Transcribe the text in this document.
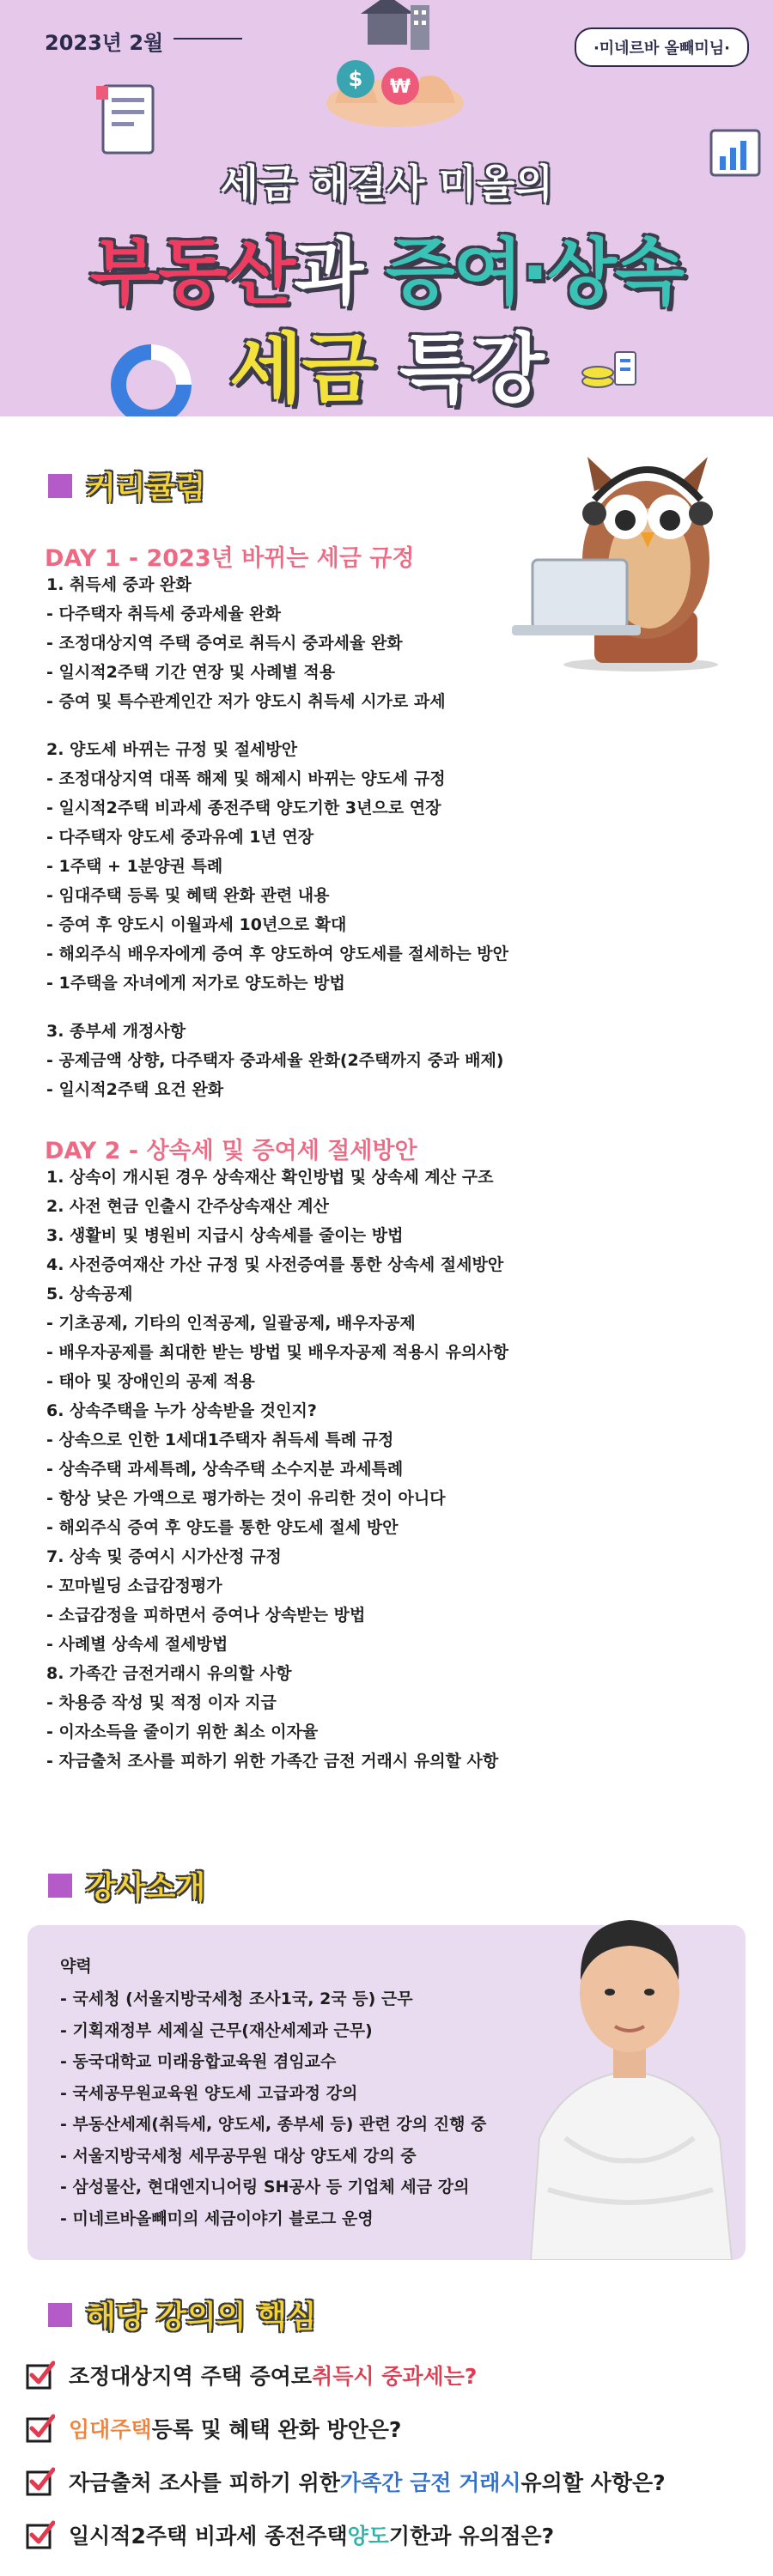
$ ₩
2023년 2월	·미네르바 올빼미님·
세금 해결사 미올의
부동산과 증여·상속
세금 특강
커리큘럼
DAY 1 - 2023년 바뀌는 세금 규정
1. 취득세 중과 완화
- 다주택자 취득세 중과세율 완화
- 조정대상지역 주택 증여로 취득시 중과세율 완화
- 일시적2주택 기간 연장 및 사례별 적용
- 증여 및 특수관계인간 저가 양도시 취득세 시가로 과세
2. 양도세 바뀌는 규정 및 절세방안
- 조정대상지역 대폭 해제 및 해제시 바뀌는 양도세 규정
- 일시적2주택 비과세 종전주택 양도기한 3년으로 연장
- 다주택자 양도세 중과유예 1년 연장
- 1주택 + 1분양권 특례
- 임대주택 등록 및 혜택 완화 관련 내용
- 증여 후 양도시 이월과세 10년으로 확대
- 해외주식 배우자에게 증여 후 양도하여 양도세를 절세하는 방안
- 1주택을 자녀에게 저가로 양도하는 방법
3. 종부세 개정사항
- 공제금액 상향, 다주택자 중과세율 완화(2주택까지 중과 배제)
- 일시적2주택 요건 완화
DAY 2 - 상속세 및 증여세 절세방안
1. 상속이 개시된 경우 상속재산 확인방법 및 상속세 계산 구조
2. 사전 현금 인출시 간주상속재산 계산
3. 생활비 및 병원비 지급시 상속세를 줄이는 방법
4. 사전증여재산 가산 규정 및 사전증여를 통한 상속세 절세방안
5. 상속공제
- 기초공제, 기타의 인적공제, 일괄공제, 배우자공제
- 배우자공제를 최대한 받는 방법 및 배우자공제 적용시 유의사항
- 태아 및 장애인의 공제 적용
6. 상속주택을 누가 상속받을 것인지?
- 상속으로 인한 1세대1주택자 취득세 특례 규정
- 상속주택 과세특례, 상속주택 소수지분 과세특례
- 항상 낮은 가액으로 평가하는 것이 유리한 것이 아니다
- 해외주식 증여 후 양도를 통한 양도세 절세 방안
7. 상속 및 증여시 시가산정 규정
- 꼬마빌딩 소급감정평가
- 소급감정을 피하면서 증여나 상속받는 방법
- 사례별 상속세 절세방법
8. 가족간 금전거래시 유의할 사항
- 차용증 작성 및 적정 이자 지급
- 이자소득을 줄이기 위한 최소 이자율
- 자금출처 조사를 피하기 위한 가족간 금전 거래시 유의할 사항
강사소개
약력
- 국세청 (서울지방국세청 조사1국, 2국 등) 근무
- 기획재정부 세제실 근무(재산세제과 근무)
- 동국대학교 미래융합교육원 겸임교수
- 국세공무원교육원 양도세 고급과정 강의
- 부동산세제(취득세, 양도세, 종부세 등) 관련 강의 진행 중
- 서울지방국세청 세무공무원 대상 양도세 강의 중
- 삼성물산, 현대엔지니어링 SH공사 등 기업체 세금 강의
- 미네르바올빼미의 세금이야기 블로그 운영
해당 강의의 핵심
조정대상지역 주택 증여로 취득시 중과세는?
임대주택 등록 및 혜택 완화 방안은?
자금출처 조사를 피하기 위한 가족간 금전 거래시 유의할 사항은?
일시적2주택 비과세 종전주택 양도 기한과 유의점은?
